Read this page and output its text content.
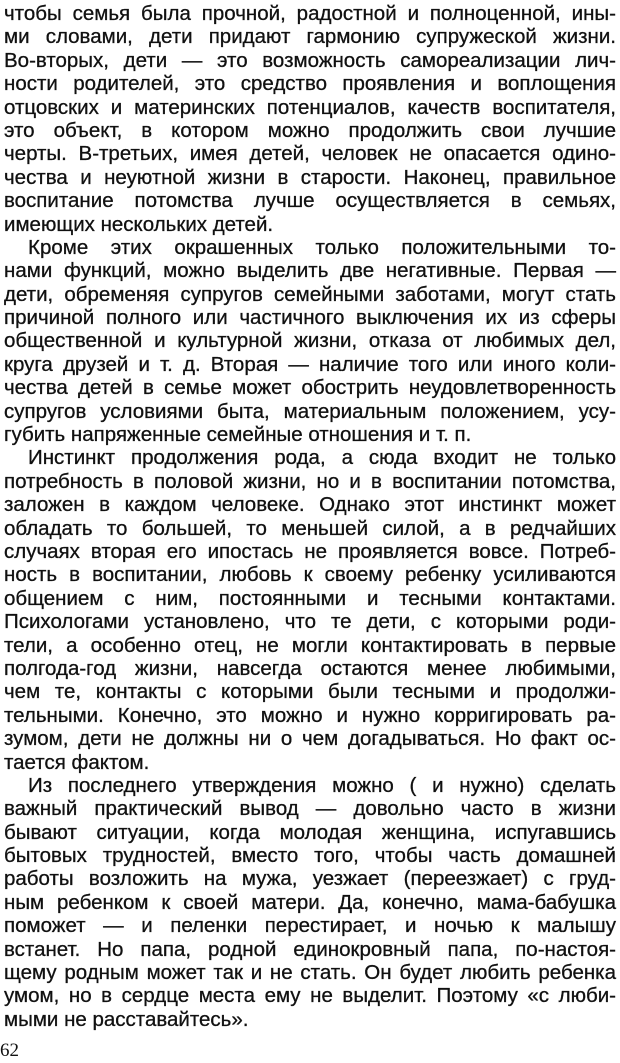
чтобы семья была прочной, радостной и полноценной, ины-
ми словами, дети придают гармонию супружеской жизни.
Во-вторых, дети — это возможность самореализации лич-
ности родителей, это средство проявления и воплощения
отцовских и материнских потенциалов, качеств воспитателя,
это объект, в котором можно продолжить свои лучшие
черты. В-третьих, имея детей, человек не опасается одино-
чества и неуютной жизни в старости. Наконец, правильное
воспитание потомства лучше осуществляется в семьях,
имеющих нескольких детей.
Кроме этих окрашенных только положительными то-
нами функций, можно выделить две негативные. Первая —
дети, обременяя супругов семейными заботами, могут стать
причиной полного или частичного выключения их из сферы
общественной и культурной жизни, отказа от любимых дел,
круга друзей и т. д. Вторая — наличие того или иного коли-
чества детей в семье может обострить неудовлетворенность
супругов условиями быта, материальным положением, усу-
губить напряженные семейные отношения и т. п.
Инстинкт продолжения рода, а сюда входит не только
потребность в половой жизни, но и в воспитании потомства,
заложен в каждом человеке. Однако этот инстинкт может
обладать то большей, то меньшей силой, а в редчайших
случаях вторая его ипостась не проявляется вовсе. Потреб-
ность в воспитании, любовь к своему ребенку усиливаются
общением с ним, постоянными и тесными контактами.
Психологами установлено, что те дети, с которыми роди-
тели, а особенно отец, не могли контактировать в первые
полгода-год жизни, навсегда остаются менее любимыми,
чем те, контакты с которыми были тесными и продолжи-
тельными. Конечно, это можно и нужно корригировать ра-
зумом, дети не должны ни о чем догадываться. Но факт ос-
тается фактом.
Из последнего утверждения можно ( и нужно) сделать
важный практический вывод — довольно часто в жизни
бывают ситуации, когда молодая женщина, испугавшись
бытовых трудностей, вместо того, чтобы часть домашней
работы возложить на мужа, уезжает (переезжает) с груд-
ным ребенком к своей матери. Да, конечно, мама-бабушка
поможет — и пеленки перестирает, и ночью к малышу
встанет. Но папа, родной единокровный папа, по-настоя-
щему родным может так и не стать. Он будет любить ребенка
умом, но в сердце места ему не выделит. Поэтому «с люби-
мыми не расставайтесь».
62
